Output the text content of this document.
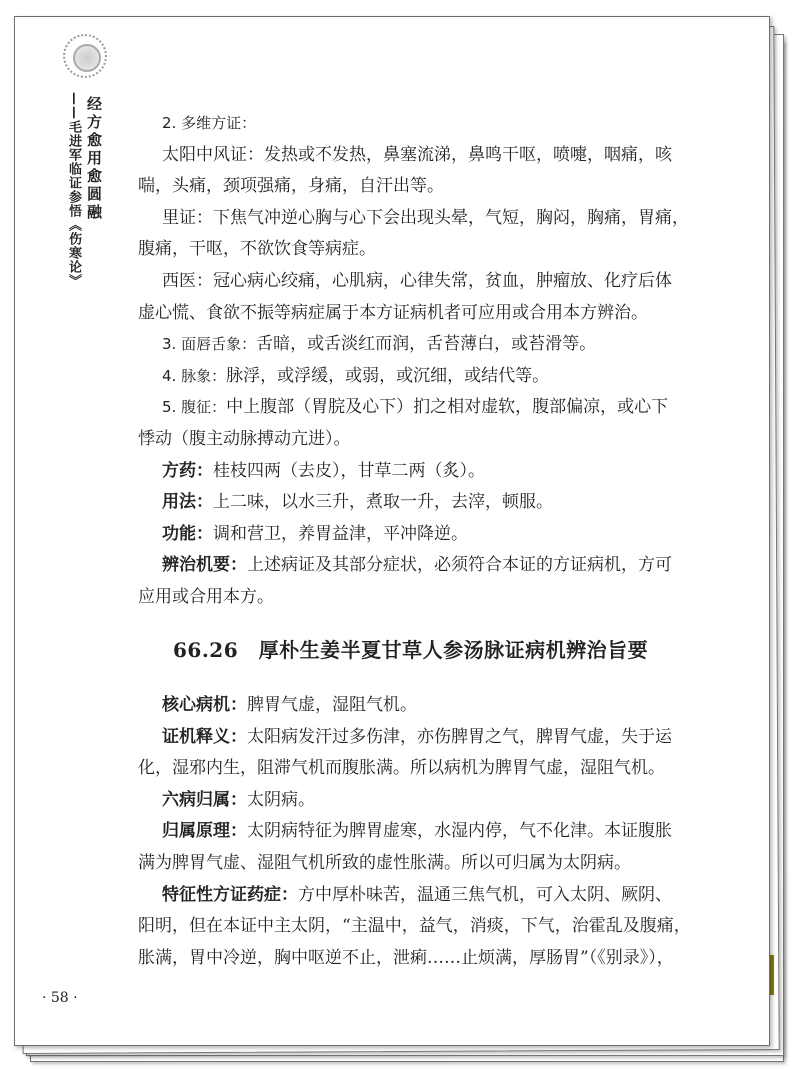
经方愈用愈圆融
——毛进军临证参悟《伤寒论》	2. 多维方证：
太阳中风证：发热或不发热，鼻塞流涕，鼻鸣干呕，喷嚏，咽痛，咳
喘，头痛，颈项强痛，身痛，自汗出等。
里证：下焦气冲逆心胸与心下会出现头晕，气短，胸闷，胸痛，胃痛，
腹痛，干呕，不欲饮食等病症。
西医：冠心病心绞痛，心肌病，心律失常，贫血，肿瘤放、化疗后体
虚心慌、食欲不振等病症属于本方证病机者可应用或合用本方辨治。
3. 面唇舌象：舌暗，或舌淡红而润，舌苔薄白，或苔滑等。
4. 脉象：脉浮，或浮缓，或弱，或沉细，或结代等。
5. 腹征：中上腹部（胃脘及心下）扪之相对虚软，腹部偏凉，或心下
悸动（腹主动脉搏动亢进）。
方药：桂枝四两（去皮），甘草二两（炙）。
用法：上二味，以水三升，煮取一升，去滓，顿服。
功能：调和营卫，养胃益津，平冲降逆。
辨治机要：上述病证及其部分症状，必须符合本证的方证病机，方可
应用或合用本方。
核心病机：脾胃气虚，湿阻气机。
证机释义：太阳病发汗过多伤津，亦伤脾胃之气，脾胃气虚，失于运
化，湿邪内生，阻滞气机而腹胀满。所以病机为脾胃气虚，湿阻气机。
六病归属：太阴病。
归属原理：太阴病特征为脾胃虚寒，水湿内停，气不化津。本证腹胀
满为脾胃气虚、湿阻气机所致的虚性胀满。所以可归属为太阴病。
特征性方证药症：方中厚朴味苦，温通三焦气机，可入太阴、厥阴、
阳明，但在本证中主太阴，“主温中，益气，消痰，下气，治霍乱及腹痛，
胀满，胃中冷逆，胸中呕逆不止，泄痢……止烦满，厚肠胃”（《别录》），
66.26　厚朴生姜半夏甘草人参汤脉证病机辨治旨要
· 58 ·
